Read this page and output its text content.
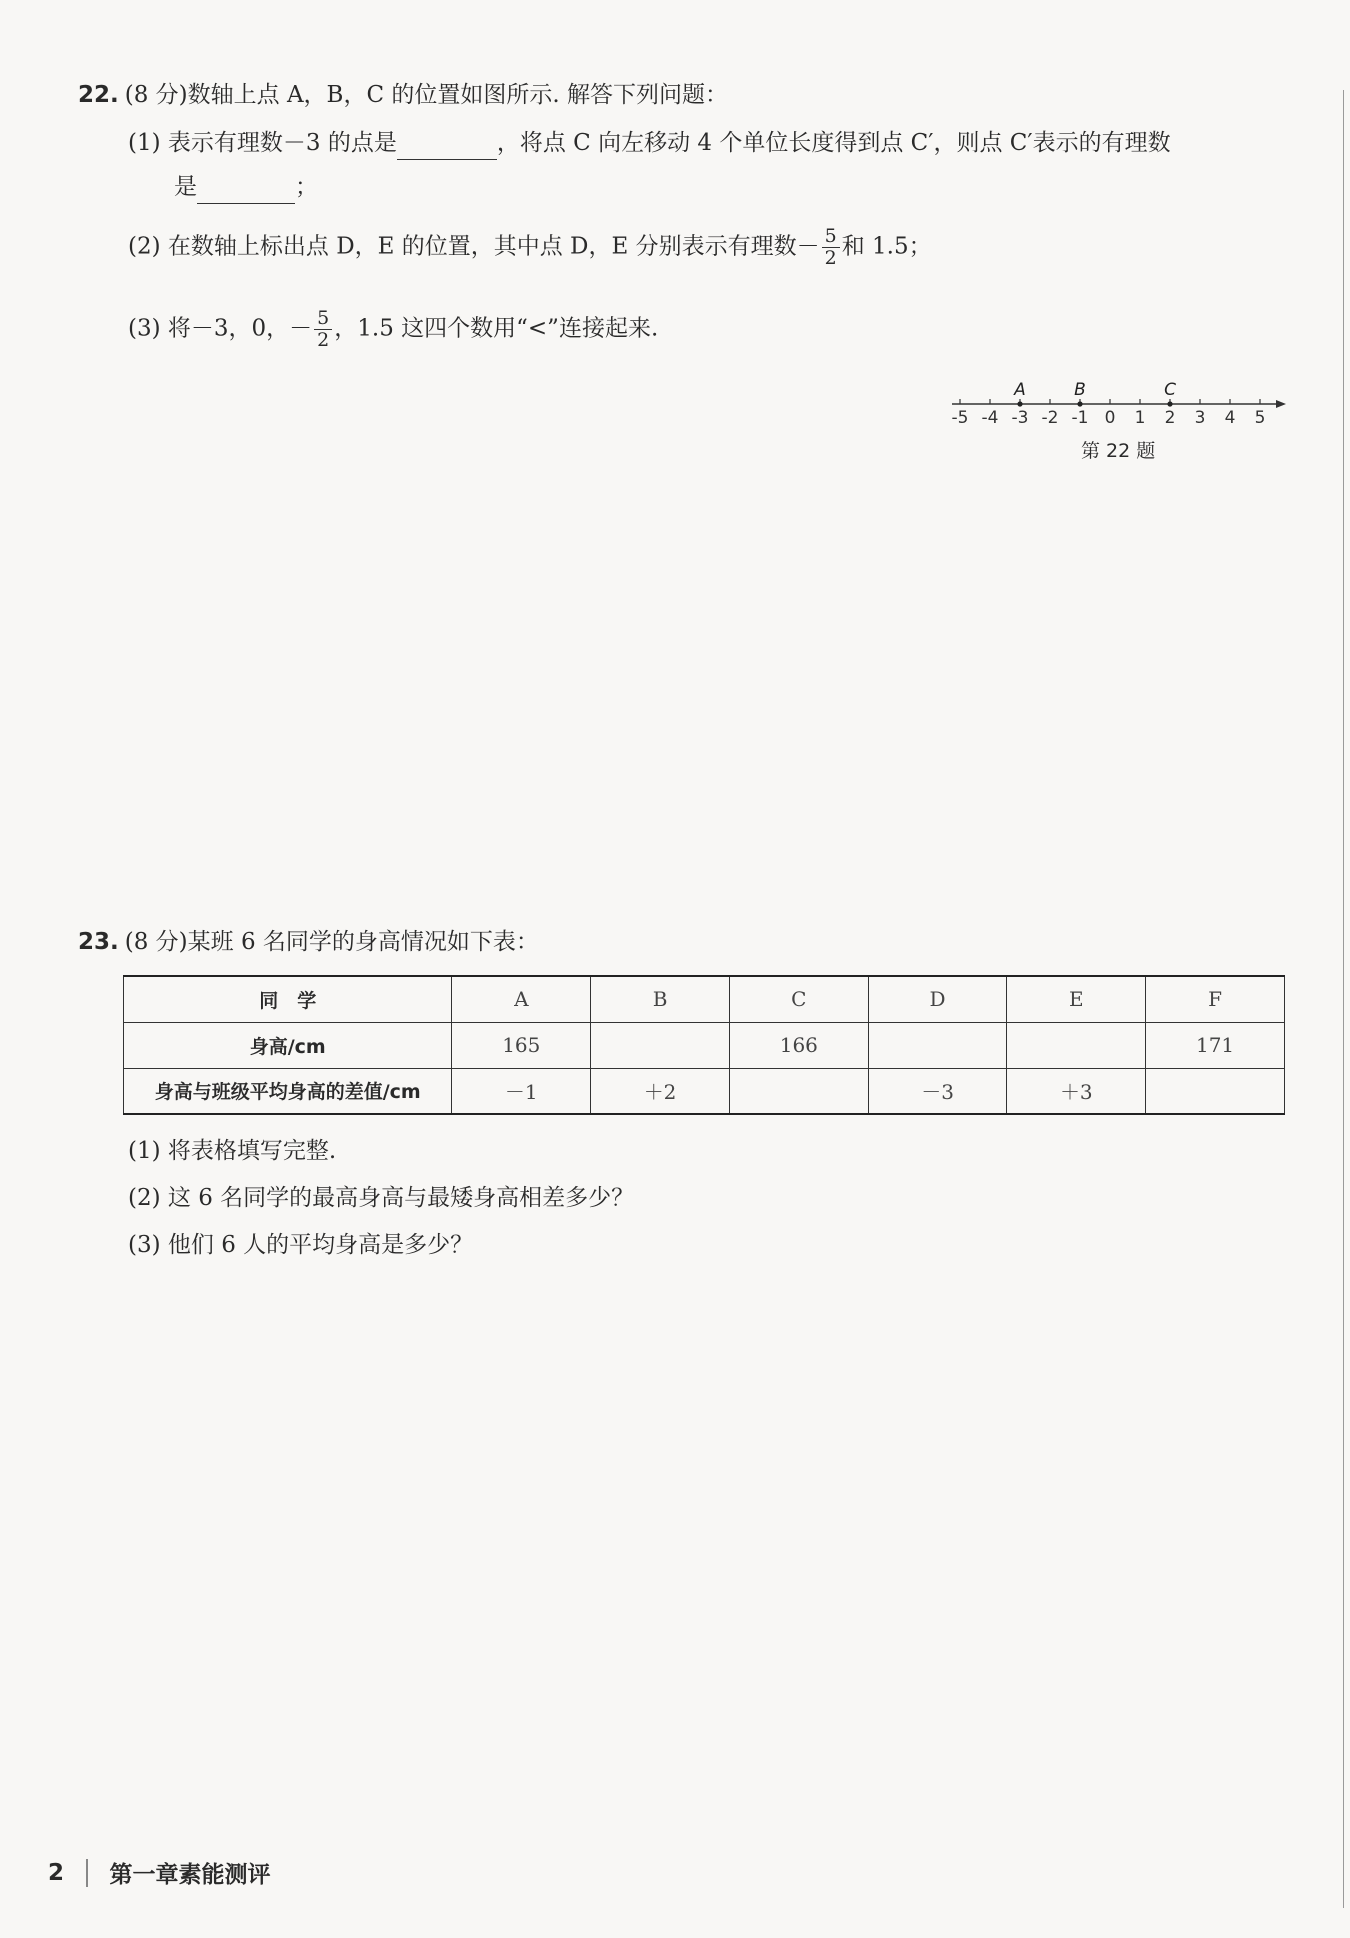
22. (8 分)数轴上点 A，B，C 的位置如图所示. 解答下列问题：
(1) 表示有理数－3 的点是	，将点 C 向左移动 4 个单位长度得到点 C′，则点 C′表示的有理数
是	；
(2) 在数轴上标出点 D，E 的位置，其中点 D，E 分别表示有理数－ $\frac{5}{2}$ 和 1.5；
(3) 将－3，0，－ $\frac{5}{2}$ ，1.5 这四个数用“<”连接起来.
-5 -4 -3 -2 -1 0 1 2 3 4 5
A	B	C
第 22 题
23. (8 分)某班 6 名同学的身高情况如下表：
同　学	A	B	C	D	E	F
身高/cm	165		166			171
身高与班级平均身高的差值/cm	－1	＋2		－3	＋3	
(1) 将表格填写完整.
(2) 这 6 名同学的最高身高与最矮身高相差多少？
(3) 他们 6 人的平均身高是多少？
2 第一章素能测评
